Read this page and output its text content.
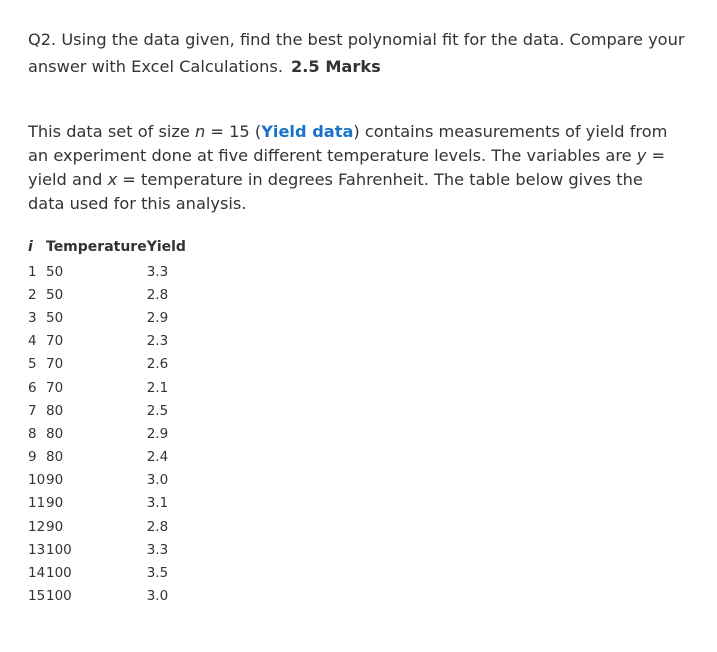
Q2. Using the data given, find the best polynomial fit for the data. Compare your answer with Excel Calculations. 2.5 Marks

This data set of size n = 15 (Yield data) contains measurements of yield from an experiment done at five different temperature levels. The variables are y = yield and x = temperature in degrees Fahrenheit. The table below gives the data used for this analysis.

i	Temperature	Yield
1	50	3.3
2	50	2.8
3	50	2.9
4	70	2.3
5	70	2.6
6	70	2.1
7	80	2.5
8	80	2.9
9	80	2.4
10	90	3.0
11	90	3.1
12	90	2.8
13	100	3.3
14	100	3.5
15	100	3.0
